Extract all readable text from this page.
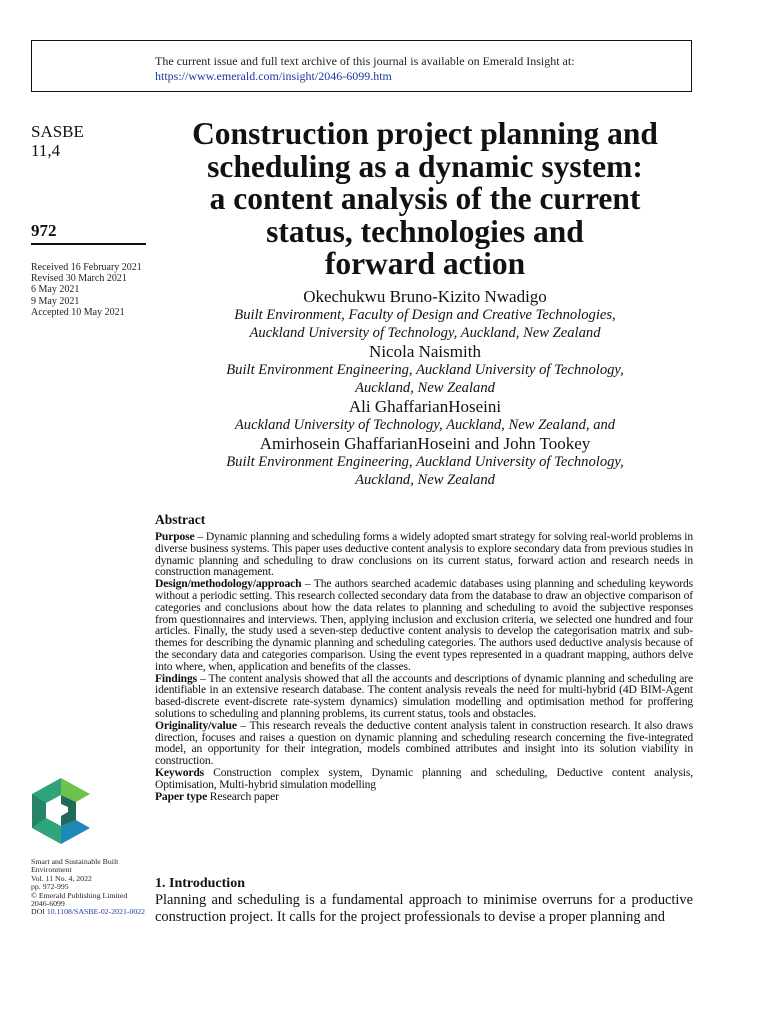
The current issue and full text archive of this journal is available on Emerald Insight at:
https://www.emerald.com/insight/2046-6099.htm
SASBE
11,4
972
Received 16 February 2021
Revised 30 March 2021
6 May 2021
9 May 2021
Accepted 10 May 2021
Construction project planning and
scheduling as a dynamic system:
a content analysis of the current
status, technologies and
forward action
Okechukwu Bruno-Kizito Nwadigo
Built Environment, Faculty of Design and Creative Technologies,
Auckland University of Technology, Auckland, New Zealand
Nicola Naismith
Built Environment Engineering, Auckland University of Technology,
Auckland, New Zealand
Ali GhaffarianHoseini
Auckland University of Technology, Auckland, New Zealand, and
Amirhosein GhaffarianHoseini and John Tookey
Built Environment Engineering, Auckland University of Technology,
Auckland, New Zealand
Abstract

Purpose – Dynamic planning and scheduling forms a widely adopted smart strategy for solving real-world problems in diverse business systems. This paper uses deductive content analysis to explore secondary data from previous studies in dynamic planning and scheduling to draw conclusions on its current status, forward action and research needs in construction management.

Design/methodology/approach – The authors searched academic databases using planning and scheduling keywords without a periodic setting. This research collected secondary data from the database to draw an objective comparison of categories and conclusions about how the data relates to planning and scheduling to avoid the subjective responses from questionnaires and interviews. Then, applying inclusion and exclusion criteria, we selected one hundred and four articles. Finally, the study used a seven-step deductive content analysis to develop the categorisation matrix and sub-themes for describing the dynamic planning and scheduling categories. The authors used deductive analysis because of the secondary data and categories comparison. Using the event types represented in a quadrant mapping, authors delve into where, when, application and benefits of the classes.

Findings – The content analysis showed that all the accounts and descriptions of dynamic planning and scheduling are identifiable in an extensive research database. The content analysis reveals the need for multi-hybrid (4D BIM-Agent based-discrete event-discrete rate-system dynamics) simulation modelling and optimisation method for proffering solutions to scheduling and planning problems, its current status, tools and obstacles.

Originality/value – This research reveals the deductive content analysis talent in construction research. It also draws direction, focuses and raises a question on dynamic planning and scheduling research concerning the five-integrated model, an opportunity for their integration, models combined attributes and insight into its solution viability in construction.

Keywords Construction complex system, Dynamic planning and scheduling, Deductive content analysis, Optimisation, Multi-hybrid simulation modelling

Paper type Research paper

Smart and Sustainable Built
Environment
Vol. 11 No. 4, 2022
pp. 972-995
© Emerald Publishing Limited
2046-6099
DOI 10.1108/SASBE-02-2021-0022
1. Introduction
Planning and scheduling is a fundamental approach to minimise overruns for a productive construction project. It calls for the project professionals to devise a proper planning and
